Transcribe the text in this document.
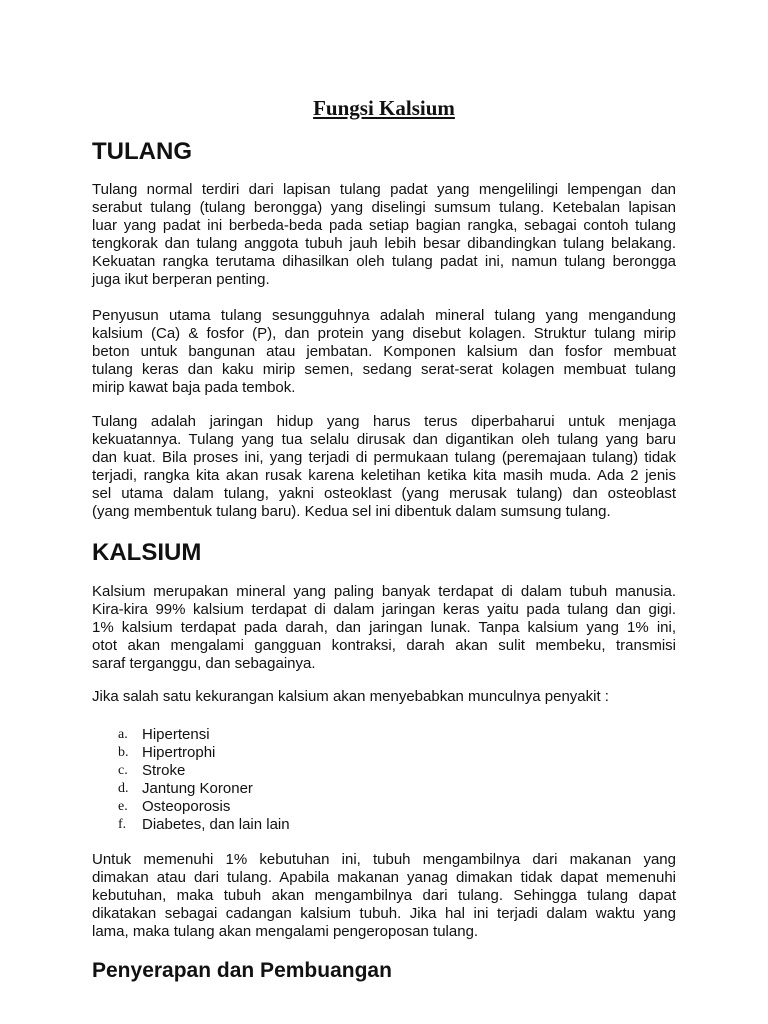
Fungsi Kalsium
TULANG
Tulang normal terdiri dari lapisan tulang padat yang mengelilingi lempengan dan
serabut tulang (tulang berongga) yang diselingi sumsum tulang. Ketebalan lapisan
luar yang padat ini berbeda-beda pada setiap bagian rangka, sebagai contoh tulang
tengkorak dan tulang anggota tubuh jauh lebih besar dibandingkan tulang belakang.
Kekuatan rangka terutama dihasilkan oleh tulang padat ini, namun tulang berongga
juga ikut berperan penting.
Penyusun utama tulang sesungguhnya adalah mineral tulang yang mengandung
kalsium (Ca) & fosfor (P), dan protein yang disebut kolagen. Struktur tulang mirip
beton untuk bangunan atau jembatan. Komponen kalsium dan fosfor membuat
tulang keras dan kaku mirip semen, sedang serat-serat kolagen membuat tulang
mirip kawat baja pada tembok.
Tulang adalah jaringan hidup yang harus terus diperbaharui untuk menjaga
kekuatannya. Tulang yang tua selalu dirusak dan digantikan oleh tulang yang baru
dan kuat. Bila proses ini, yang terjadi di permukaan tulang (peremajaan tulang) tidak
terjadi, rangka kita akan rusak karena keletihan ketika kita masih muda. Ada 2 jenis
sel utama dalam tulang, yakni osteoklast (yang merusak tulang) dan osteoblast
(yang membentuk tulang baru). Kedua sel ini dibentuk dalam sumsung tulang.
KALSIUM
Kalsium merupakan mineral yang paling banyak terdapat di dalam tubuh manusia.
Kira-kira 99% kalsium terdapat di dalam jaringan keras yaitu pada tulang dan gigi.
1% kalsium terdapat pada darah, dan jaringan lunak. Tanpa kalsium yang 1% ini,
otot akan mengalami gangguan kontraksi, darah akan sulit membeku, transmisi
saraf terganggu, dan sebagainya.
Jika salah satu kekurangan kalsium akan menyebabkan munculnya penyakit :
a. Hipertensi
b. Hipertrophi
c. Stroke
d. Jantung Koroner
e. Osteoporosis
f.	Diabetes, dan lain lain
Untuk memenuhi 1% kebutuhan ini, tubuh mengambilnya dari makanan yang
dimakan atau dari tulang. Apabila makanan yanag dimakan tidak dapat memenuhi
kebutuhan, maka tubuh akan mengambilnya dari tulang. Sehingga tulang dapat
dikatakan sebagai cadangan kalsium tubuh. Jika hal ini terjadi dalam waktu yang
lama, maka tulang akan mengalami pengeroposan tulang.
Penyerapan dan Pembuangan
